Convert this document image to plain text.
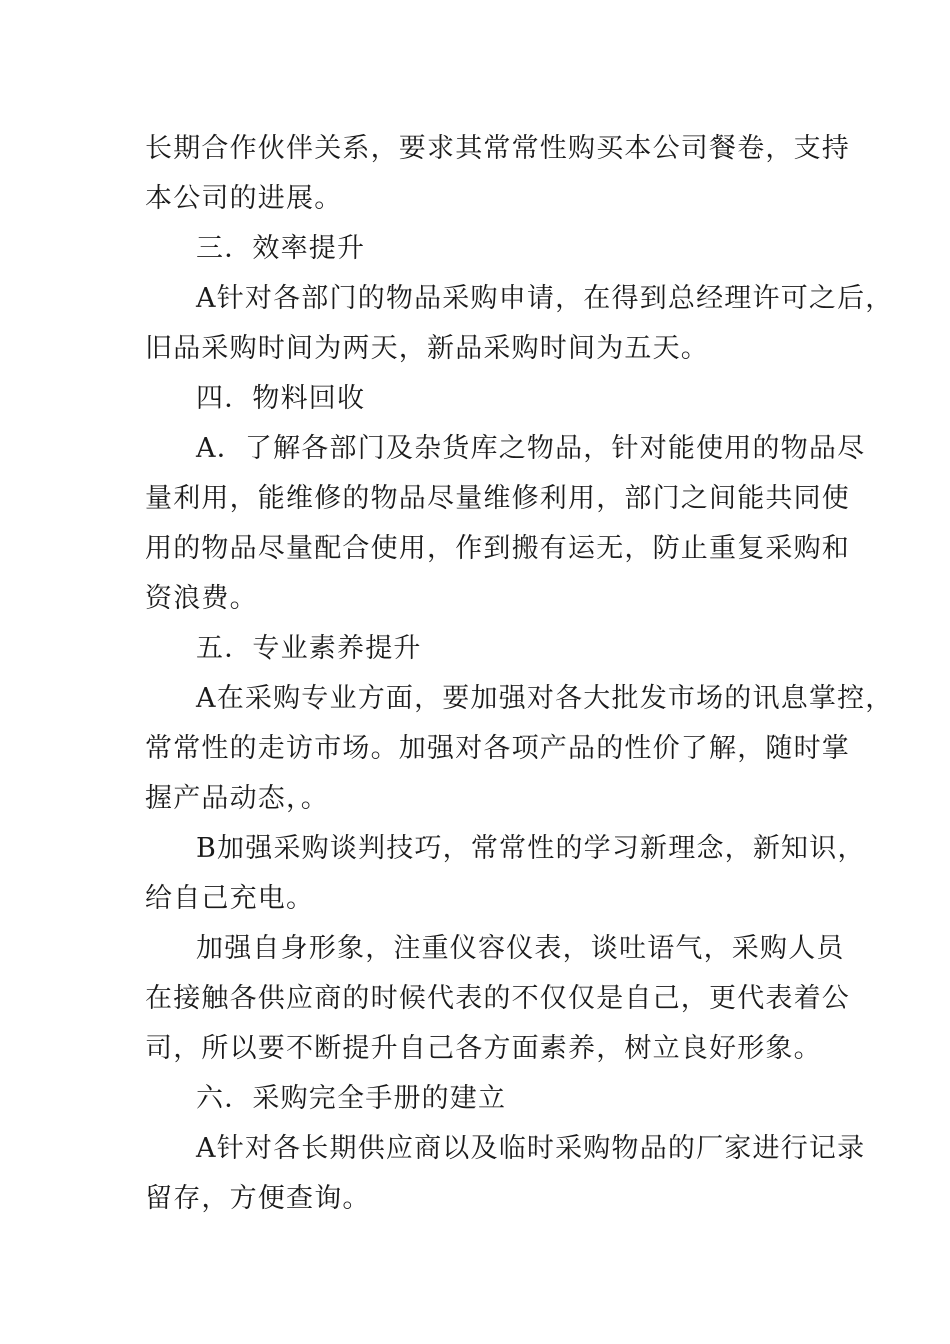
长期合作伙伴关系，要求其常常性购买本公司餐卷，支持
本公司的进展。
三．效率提升
A针对各部门的物品采购申请，在得到总经理许可之后，
旧品采购时间为两天，新品采购时间为五天。
四．物料回收
A．了解各部门及杂货库之物品，针对能使用的物品尽
量利用，能维修的物品尽量维修利用，部门之间能共同使
用的物品尽量配合使用，作到搬有运无，防止重复采购和
资浪费。
五．专业素养提升
A在采购专业方面，要加强对各大批发市场的讯息掌控，
常常性的走访市场。加强对各项产品的性价了解，随时掌
握产品动态，。
B加强采购谈判技巧，常常性的学习新理念，新知识，
给自己充电。
加强自身形象，注重仪容仪表，谈吐语气，采购人员
在接触各供应商的时候代表的不仅仅是自己，更代表着公
司，所以要不断提升自己各方面素养，树立良好形象。
六．采购完全手册的建立
A针对各长期供应商以及临时采购物品的厂家进行记录
留存，方便查询。
